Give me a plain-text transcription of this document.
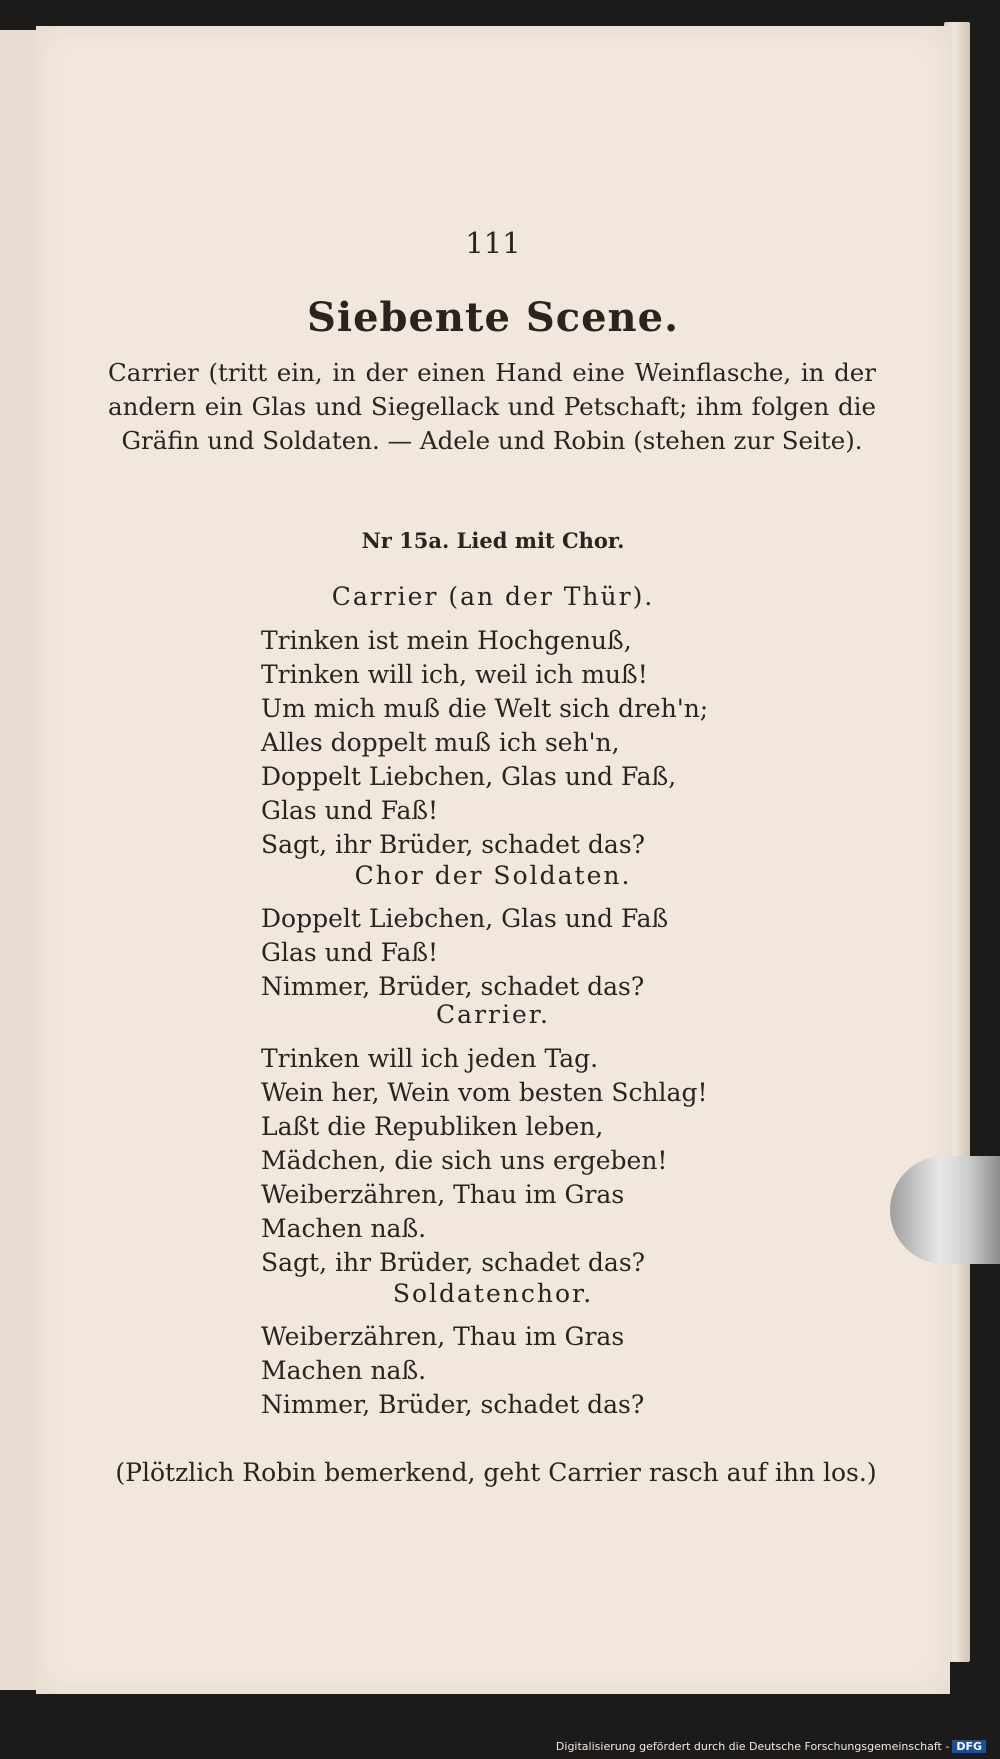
111
Siebente Scene.
Carrier (tritt ein, in der einen Hand eine Weinflasche, in der andern ein Glas und Siegellack und Petschaft; ihm folgen die Gräfin und Soldaten. — Adele und Robin (stehen zur Seite).
Nr 15a. Lied mit Chor.
Carrier (an der Thür).
Trinken ist mein Hochgenuß,
Trinken will ich, weil ich muß!
Um mich muß die Welt sich dreh'n;
Alles doppelt muß ich seh'n,
Doppelt Liebchen, Glas und Faß,
Glas und Faß!
Sagt, ihr Brüder, schadet das?
Chor der Soldaten.
Doppelt Liebchen, Glas und Faß
Glas und Faß!
Nimmer, Brüder, schadet das?
Carrier.
Trinken will ich jeden Tag.
Wein her, Wein vom besten Schlag!
Laßt die Republiken leben,
Mädchen, die sich uns ergeben!
Weiberzähren, Thau im Gras
Machen naß.
Sagt, ihr Brüder, schadet das?
Soldatenchor.
Weiberzähren, Thau im Gras
Machen naß.
Nimmer, Brüder, schadet das?
(Plötzlich Robin bemerkend, geht Carrier rasch auf ihn los.)
Digitalisierung gefördert durch die Deutsche Forschungsgemeinschaft - DFG
